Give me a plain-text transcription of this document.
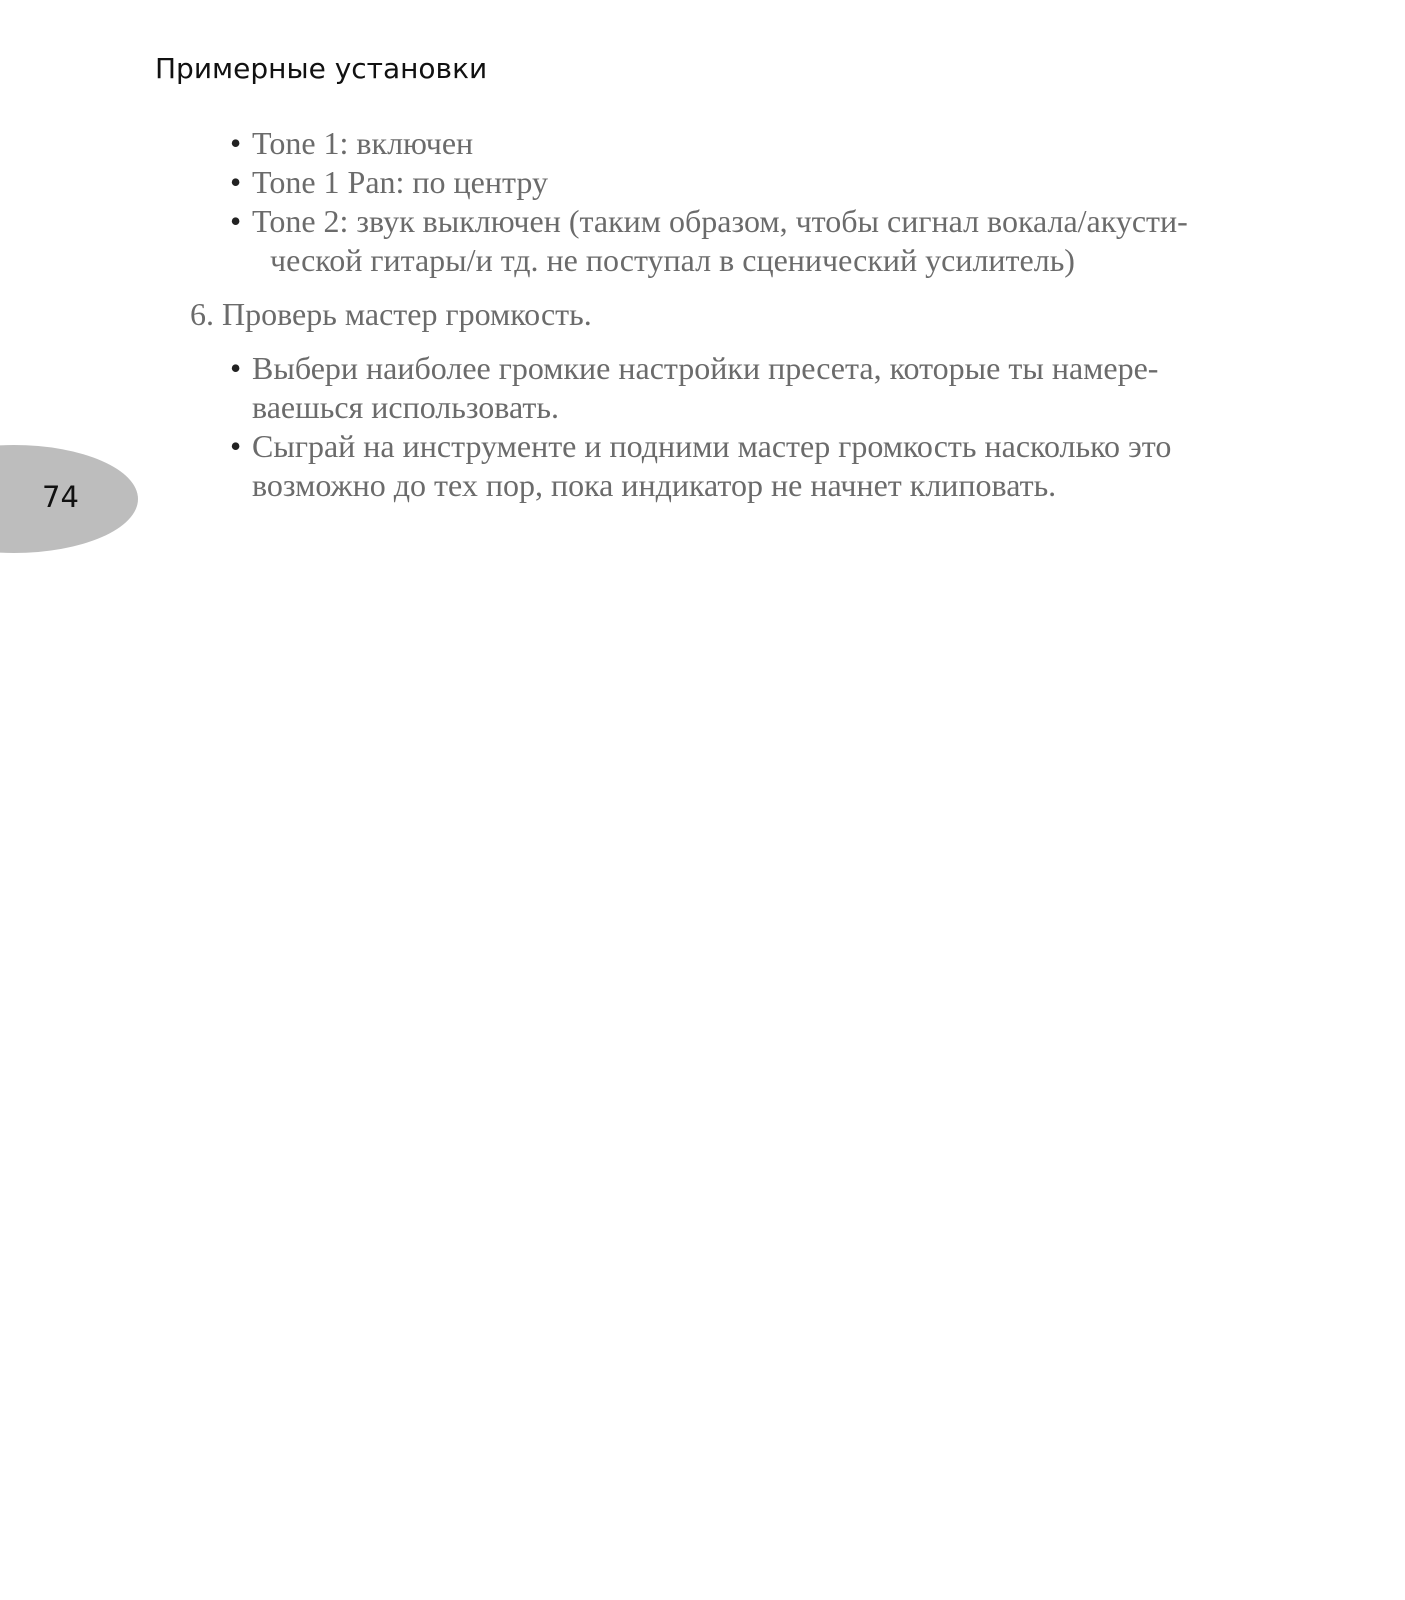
Примерные установки
74
• Tone 1: включен
• Tone 1 Pan: по центру
• Tone 2: звук выключен (таким образом, чтобы сигнал вокала/акусти-
ческой гитары/и тд. не поступал в сценический усилитель)
6. Проверь мастер громкость.
• Выбери наиболее громкие настройки пресета, которые ты намере-
ваешься использовать.
• Сыграй на инструменте и подними мастер громкость насколько это
возможно до тех пор, пока индикатор не начнет клиповать.
